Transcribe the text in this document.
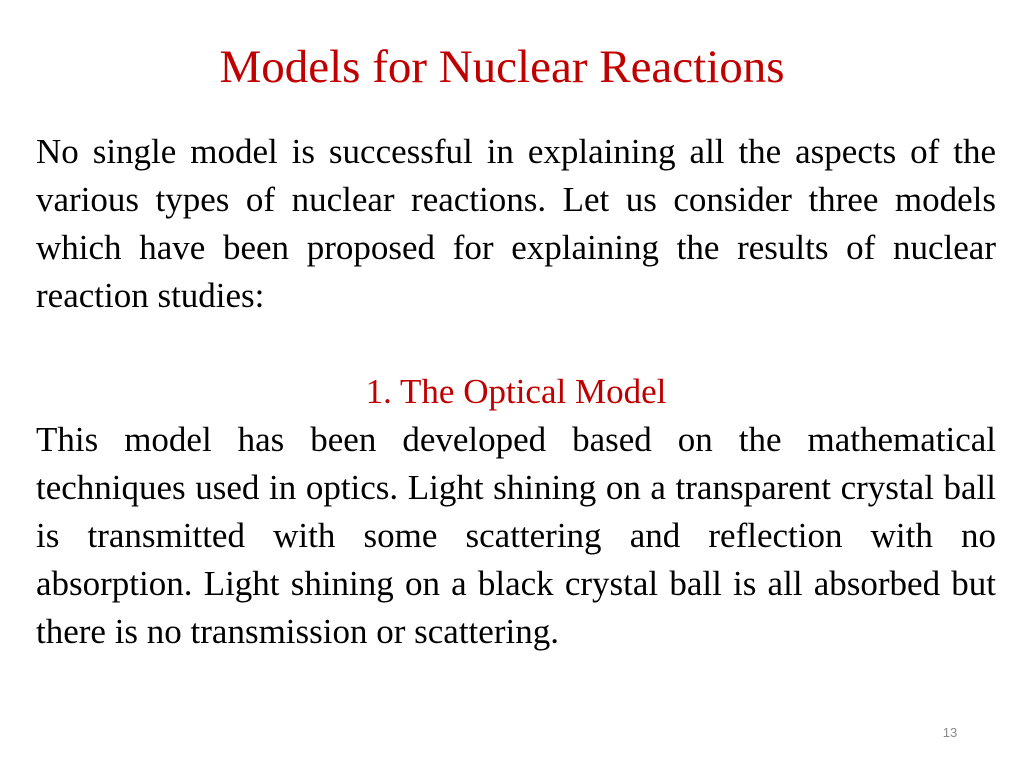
Models for Nuclear Reactions

No single model is successful in explaining all the aspects of the various types of nuclear reactions. Let us consider three models which have been proposed for explaining the results of nuclear reaction studies:

1. The Optical Model

This model has been developed based on the mathematical techniques used in optics. Light shining on a transparent crystal ball is transmitted with some scattering and reflection with no absorption. Light shining on a black crystal ball is all absorbed but there is no transmission or scattering.

13
